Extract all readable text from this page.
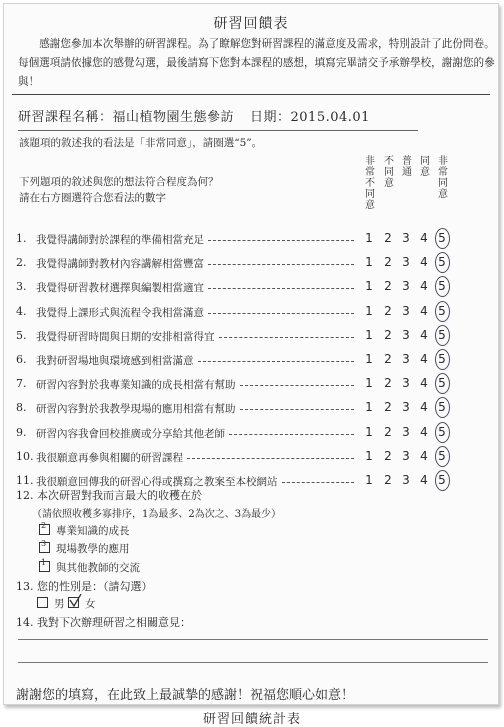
研習回饋表

感謝您參加本次舉辦的研習課程。為了瞭解您對研習課程的滿意度及需求，特別設計了此份問卷。每個選項請依據您的感覺勾選，最後請寫下您對本課程的感想，填寫完畢請交予承辦學校，謝謝您的參與！

研習課程名稱：福山植物園生態參訪 日期：2015.04.01
該題項的敘述我的看法是「非常同意」，請圈選“5”。
下列題項的敘述與您的想法符合程度為何？
請在右方圈選符合您看法的數字
非常不同意
不同意
普通
同意
非常同意
1. 我覺得講師對於課程的準備相當充足	1 2 3 4 5
2. 我覺得講師對教材內容講解相當豐富	1 2 3 4 5
3. 我覺得研習教材選擇與編製相當適宜	1 2 3 4 5
4. 我覺得上課形式與流程令我相當滿意	1 2 3 4 5
5. 我覺得研習時間與日期的安排相當得宜	1 2 3 4 5
6. 我對研習場地與環境感到相當滿意	1 2 3 4 5
7. 研習內容對於我專業知識的成長相當有幫助	1 2 3 4 5
8. 研習內容對於我教學現場的應用相當有幫助	1 2 3 4 5
9. 研習內容我會回校推廣或分享給其他老師	1 2 3 4 5
10. 我很願意再參與相關的研習課程	1 2 3 4 5
11. 我很願意回傳我的研習心得或撰寫之教案至本校網站	1 2 3 4 5
12. 本次研習對我而言最大的收穫在於
（請依照收穫多寡排序，1為最多、2為次之、3為最少）
2 專業知識的成長
3 現場教學的應用
1 與其他教師的交流
13. 您的性別是：（請勾選）
男	女
14. 我對下次辦理研習之相關意見：
謝謝您的填寫，在此致上最誠摯的感謝！祝福您順心如意！
研習回饋統計表
